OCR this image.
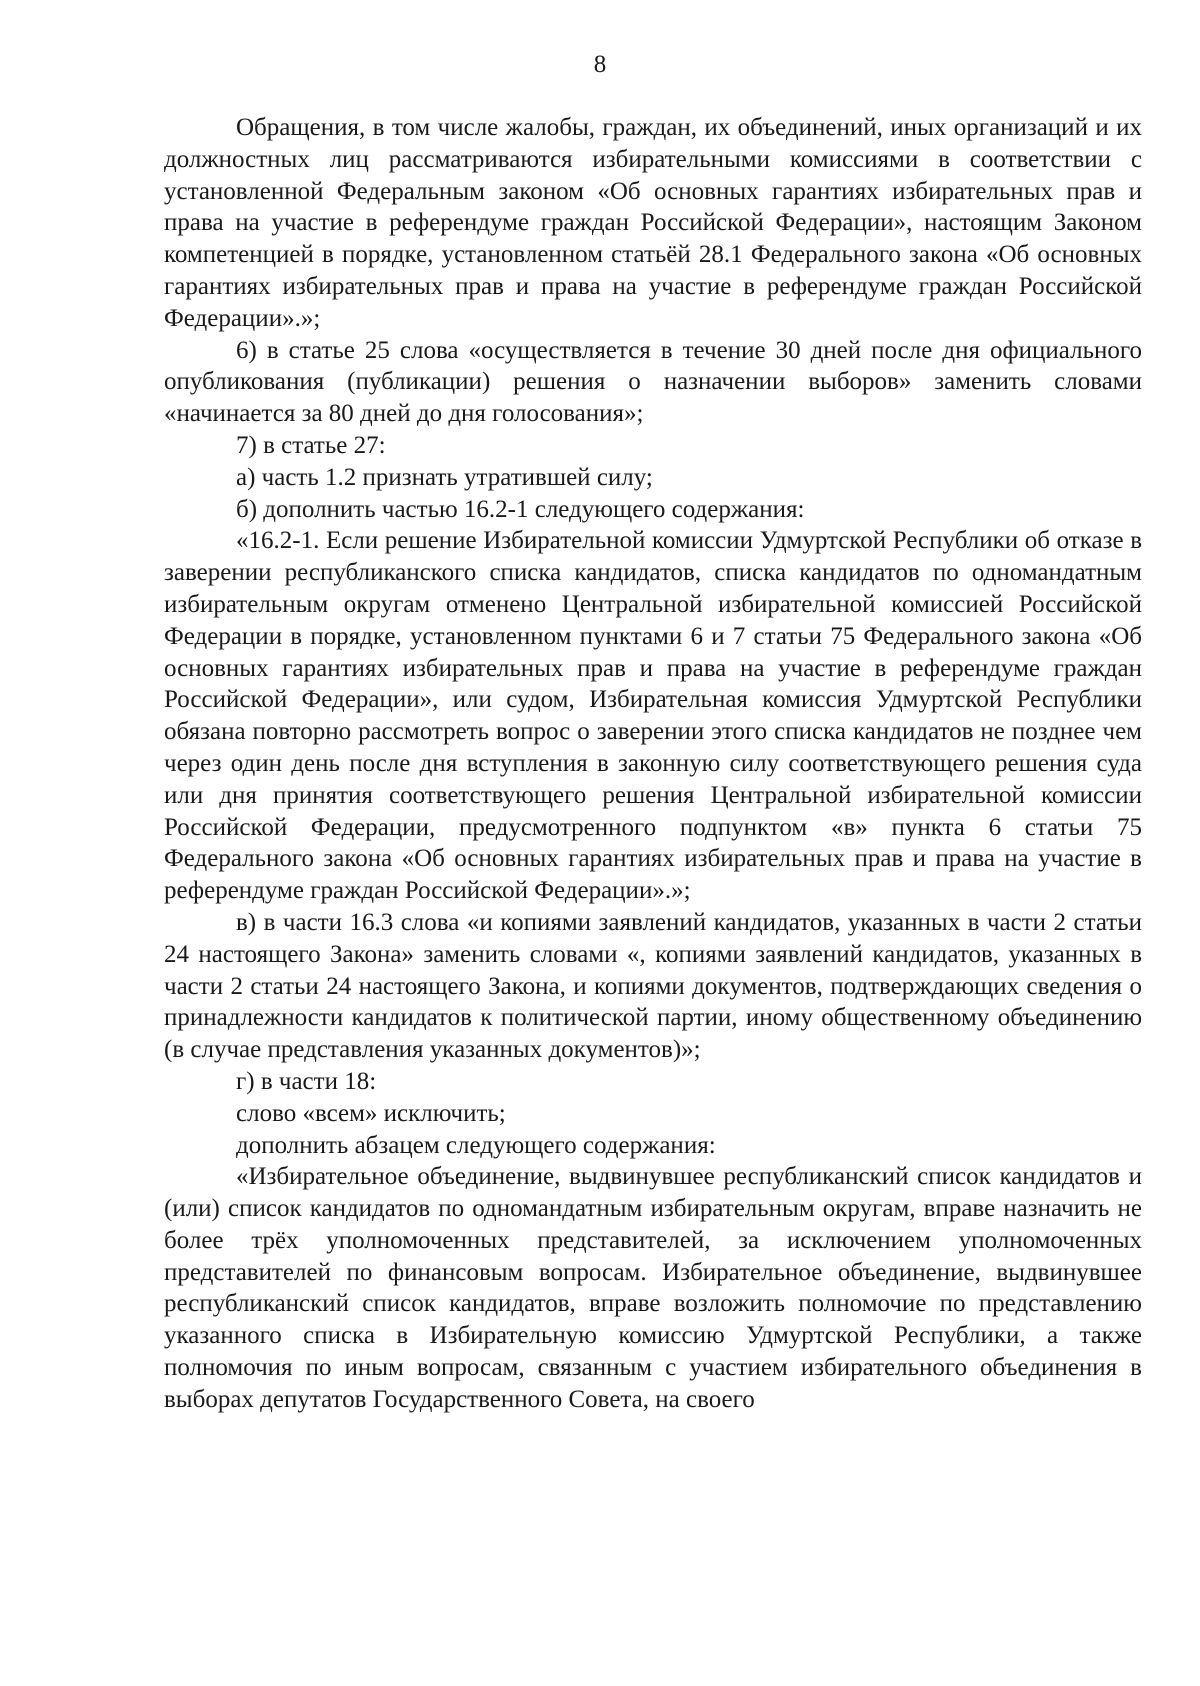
8

Обращения, в том числе жалобы, граждан, их объединений, иных организаций и их должностных лиц рассматриваются избирательными комиссиями в соответствии с установленной Федеральным законом «Об основных гарантиях избирательных прав и права на участие в референдуме граждан Российской Федерации», настоящим Законом компетенцией в порядке, установленном статьёй 28.1 Федерального закона «Об основных гарантиях избирательных прав и права на участие в референдуме граждан Российской Федерации».»;

6) в статье 25 слова «осуществляется в течение 30 дней после дня официального опубликования (публикации) решения о назначении выборов» заменить словами «начинается за 80 дней до дня голосования»;

7) в статье 27:

а) часть 1.2 признать утратившей силу;

б) дополнить частью 16.2-1 следующего содержания:

«16.2-1. Если решение Избирательной комиссии Удмуртской Республики об отказе в заверении республиканского списка кандидатов, списка кандидатов по одномандатным избирательным округам отменено Центральной избирательной комиссией Российской Федерации в порядке, установленном пунктами 6 и 7 статьи 75 Федерального закона «Об основных гарантиях избирательных прав и права на участие в референдуме граждан Российской Федерации», или судом, Избирательная комиссия Удмуртской Республики обязана повторно рассмотреть вопрос о заверении этого списка кандидатов не позднее чем через один день после дня вступления в законную силу соответствующего решения суда или дня принятия соответствующего решения Центральной избирательной комиссии Российской Федерации, предусмотренного подпунктом «в» пункта 6 статьи 75 Федерального закона «Об основных гарантиях избирательных прав и права на участие в референдуме граждан Российской Федерации».»;

в) в части 16.3 слова «и копиями заявлений кандидатов, указанных в части 2 статьи 24 настоящего Закона» заменить словами «, копиями заявлений кандидатов, указанных в части 2 статьи 24 настоящего Закона, и копиями документов, подтверждающих сведения о принадлежности кандидатов к политической партии, иному общественному объединению (в случае представления указанных документов)»;

г) в части 18:

слово «всем» исключить;

дополнить абзацем следующего содержания:

«Избирательное объединение, выдвинувшее республиканский список кандидатов и (или) список кандидатов по одномандатным избирательным округам, вправе назначить не более трёх уполномоченных представителей, за исключением уполномоченных представителей по финансовым вопросам. Избирательное объединение, выдвинувшее республиканский список кандидатов, вправе возложить полномочие по представлению указанного списка в Избирательную комиссию Удмуртской Республики, а также полномочия по иным вопросам, связанным с участием избирательного объединения в выборах депутатов Государственного Совета, на своего
